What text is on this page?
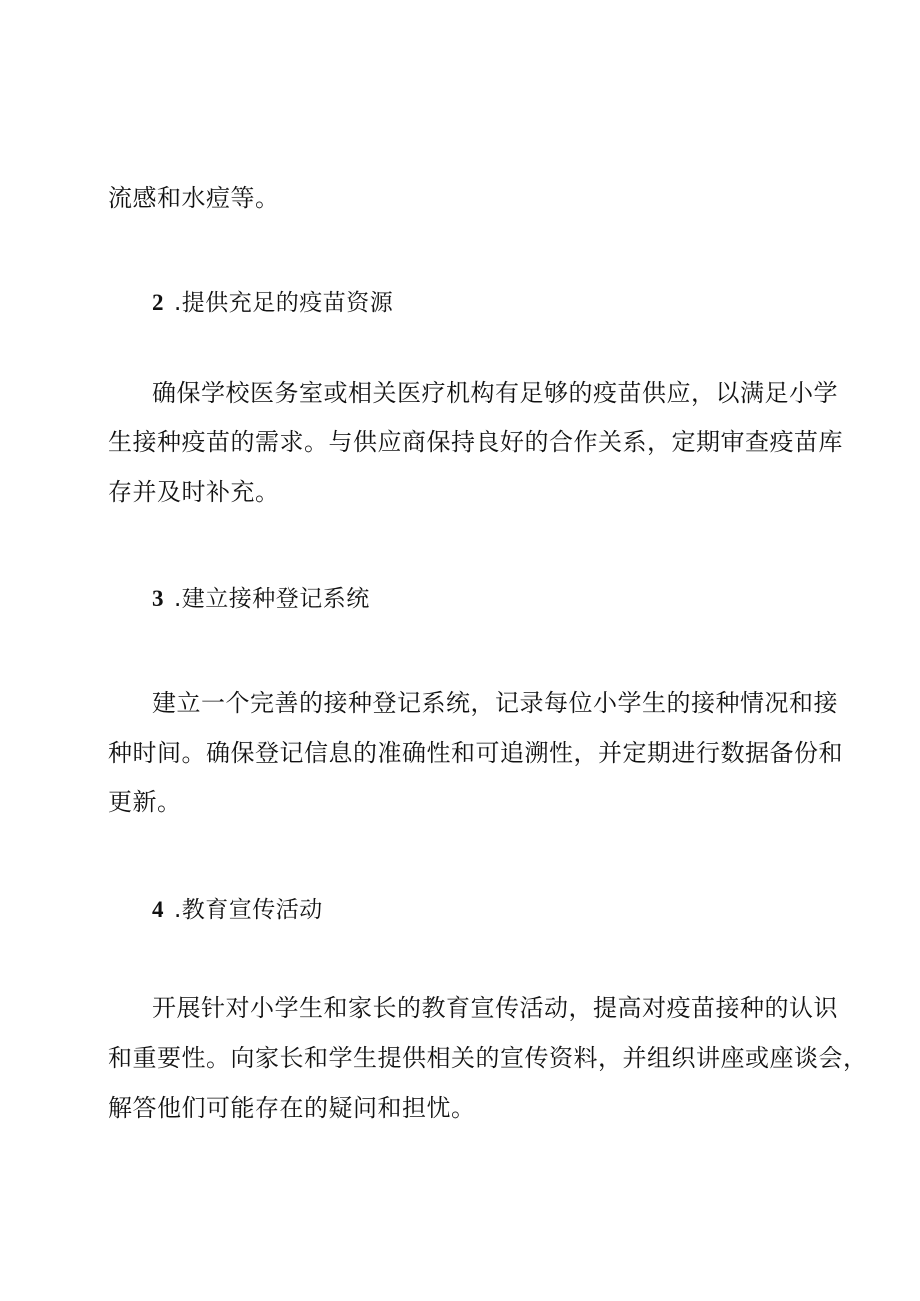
流感和水痘等。
2 .提供充足的疫苗资源
确保学校医务室或相关医疗机构有足够的疫苗供应，以满足小学
生接种疫苗的需求。与供应商保持良好的合作关系，定期审查疫苗库
存并及时补充。
3 .建立接种登记系统
建立一个完善的接种登记系统，记录每位小学生的接种情况和接
种时间。确保登记信息的准确性和可追溯性，并定期进行数据备份和
更新。
4 .教育宣传活动
开展针对小学生和家长的教育宣传活动，提高对疫苗接种的认识
和重要性。向家长和学生提供相关的宣传资料，并组织讲座或座谈会，
解答他们可能存在的疑问和担忧。
